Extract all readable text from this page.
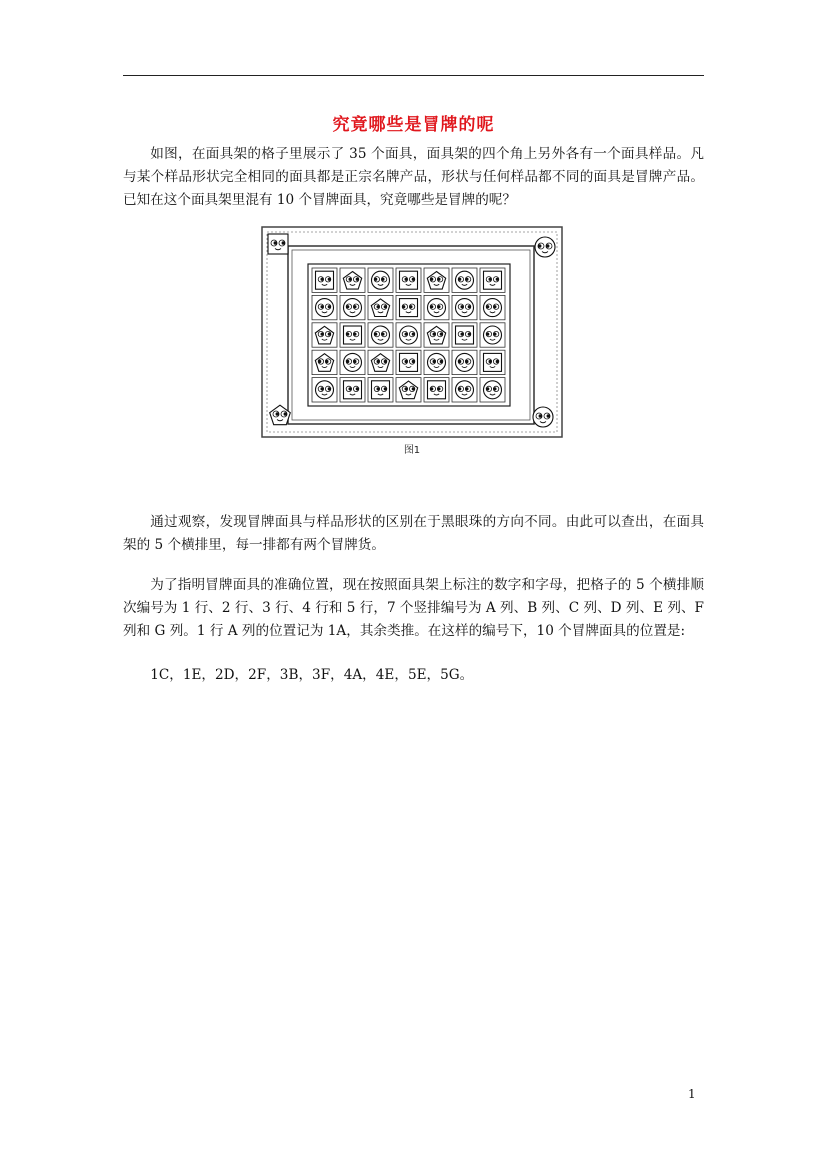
究竟哪些是冒牌的呢

如图，在面具架的格子里展示了 35 个面具，面具架的四个角上另外各有一个面具样品。凡与某个样品形状完全相同的面具都是正宗名牌产品，形状与任何样品都不同的面具是冒牌产品。已知在这个面具架里混有 10 个冒牌面具，究竟哪些是冒牌的呢？

图1

通过观察，发现冒牌面具与样品形状的区别在于黑眼珠的方向不同。由此可以查出，在面具架的 5 个横排里，每一排都有两个冒牌货。

为了指明冒牌面具的准确位置，现在按照面具架上标注的数字和字母，把格子的 5 个横排顺次编号为 1 行、2 行、3 行、4 行和 5 行，7 个竖排编号为 A 列、B 列、C 列、D 列、E 列、F 列和 G 列。1 行 A 列的位置记为 1A，其余类推。在这样的编号下，10 个冒牌面具的位置是:

1C，1E，2D，2F，3B，3F，4A，4E，5E，5G。

1
